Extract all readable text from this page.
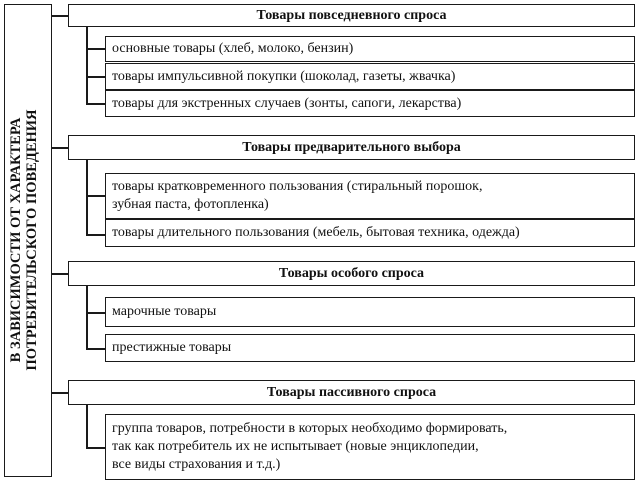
В ЗАВИСИМОСТИ ОТ ХАРАКТЕРА ПОТРЕБИТЕЛЬСКОГО ПОВЕДЕНИЯ
Товары повседневного спроса
основные товары (хлеб, молоко, бензин)
товары импульсивной покупки (шоколад, газеты, жвачка)
товары для экстренных случаев (зонты, сапоги, лекарства)
Товары предварительного выбора
товары кратковременного пользования (стиральный порошок,
зубная паста, фотопленка)
товары длительного пользования (мебель, бытовая техника, одежда)
Товары особого спроса
марочные товары
престижные товары
Товары пассивного спроса
группа товаров, потребности в которых необходимо формировать,
так как потребитель их не испытывает (новые энциклопедии,
все виды страхования и т.д.)
